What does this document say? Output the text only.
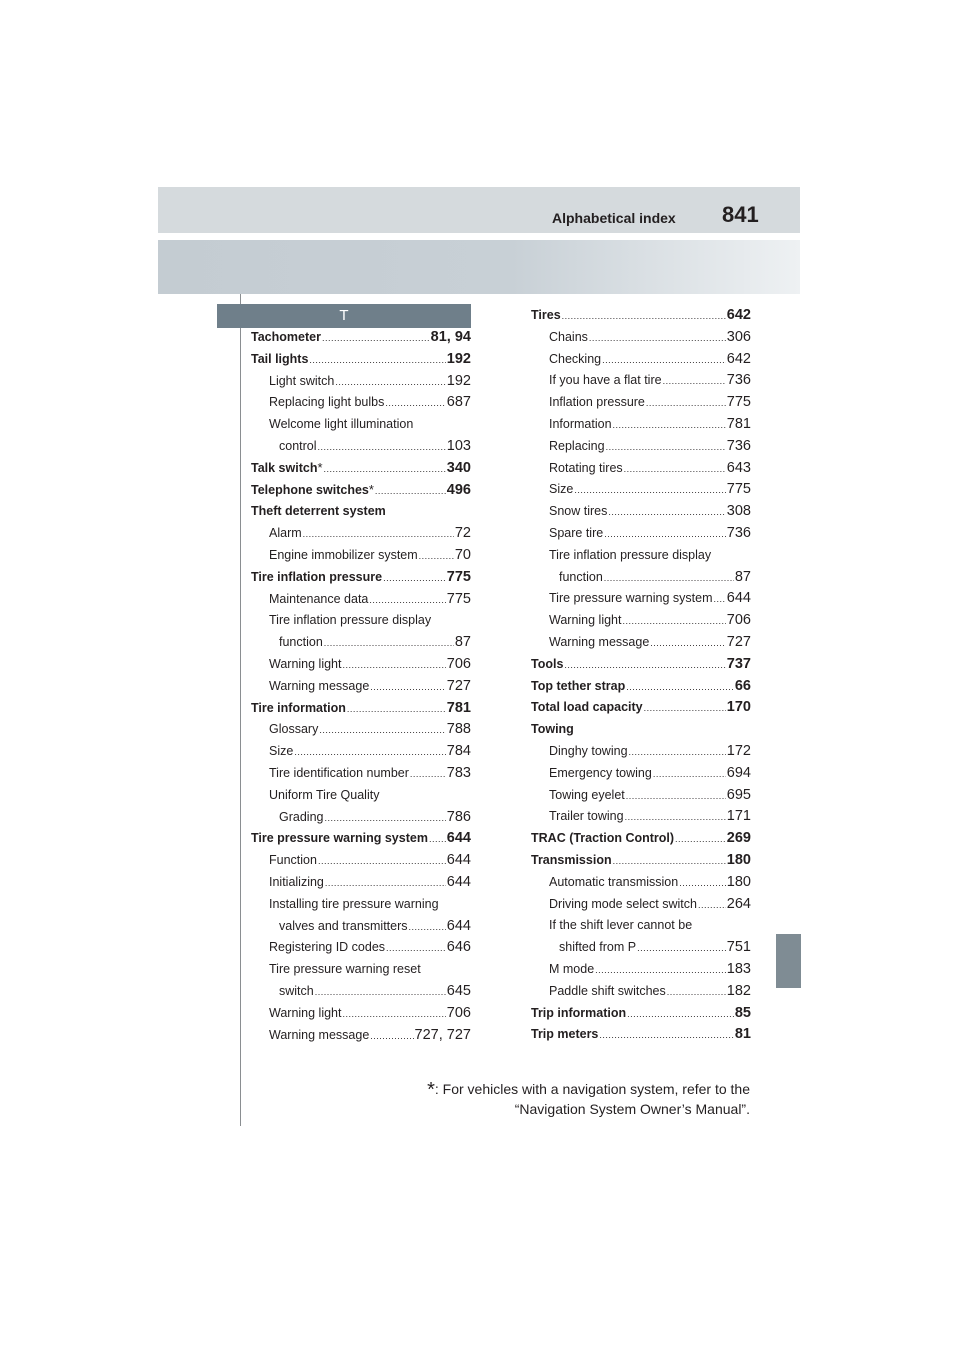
Alphabetical index 841
T
Tachometer .....	81, 94
Tail lights .....	192
Light switch .....	192
Replacing light bulbs .....	687
Welcome light illumination
control .....	103
Talk switch * .....	340
Telephone switches * .....	496
Theft deterrent system
Alarm .....	72
Engine immobilizer system .....	70
Tire inflation pressure .....	775
Maintenance data .....	775
Tire inflation pressure display
function .....	87
Warning light .....	706
Warning message .....	727
Tire information .....	781
Glossary .....	788
Size .....	784
Tire identification number .....	783
Uniform Tire Quality
Grading .....	786
Tire pressure warning system ..... 644
Function .....	644
Initializing .....	644
Installing tire pressure warning
valves and transmitters .....	644
Registering ID codes .....	646
Tire pressure warning reset
switch .....	645
Warning light .....	706
Warning message .....	727, 727
Tires .....	642
Chains .....	306
Checking .....	642
If you have a flat tire .....	736
Inflation pressure .....	775
Information .....	781
Replacing .....	736
Rotating tires .....	643
Size .....	775
Snow tires .....	308
Spare tire .....	736
Tire inflation pressure display
function .....	87
Tire pressure warning system ..... 644
Warning light .....	706
Warning message .....	727
Tools .....	737
Top tether strap .....	66
Total load capacity .....	170
Towing
Dinghy towing .....	172
Emergency towing .....	694
Towing eyelet .....	695
Trailer towing .....	171
TRAC (Traction Control) .....	269
Transmission .....	180
Automatic transmission .....	180
Driving mode select switch ..... 264
If the shift lever cannot be
shifted from P .....	751
M mode .....	183
Paddle shift switches .....	182
Trip information .....	85
Trip meters .....	81
*: For vehicles with a navigation system, refer to the
“Navigation System Owner’s Manual”.
